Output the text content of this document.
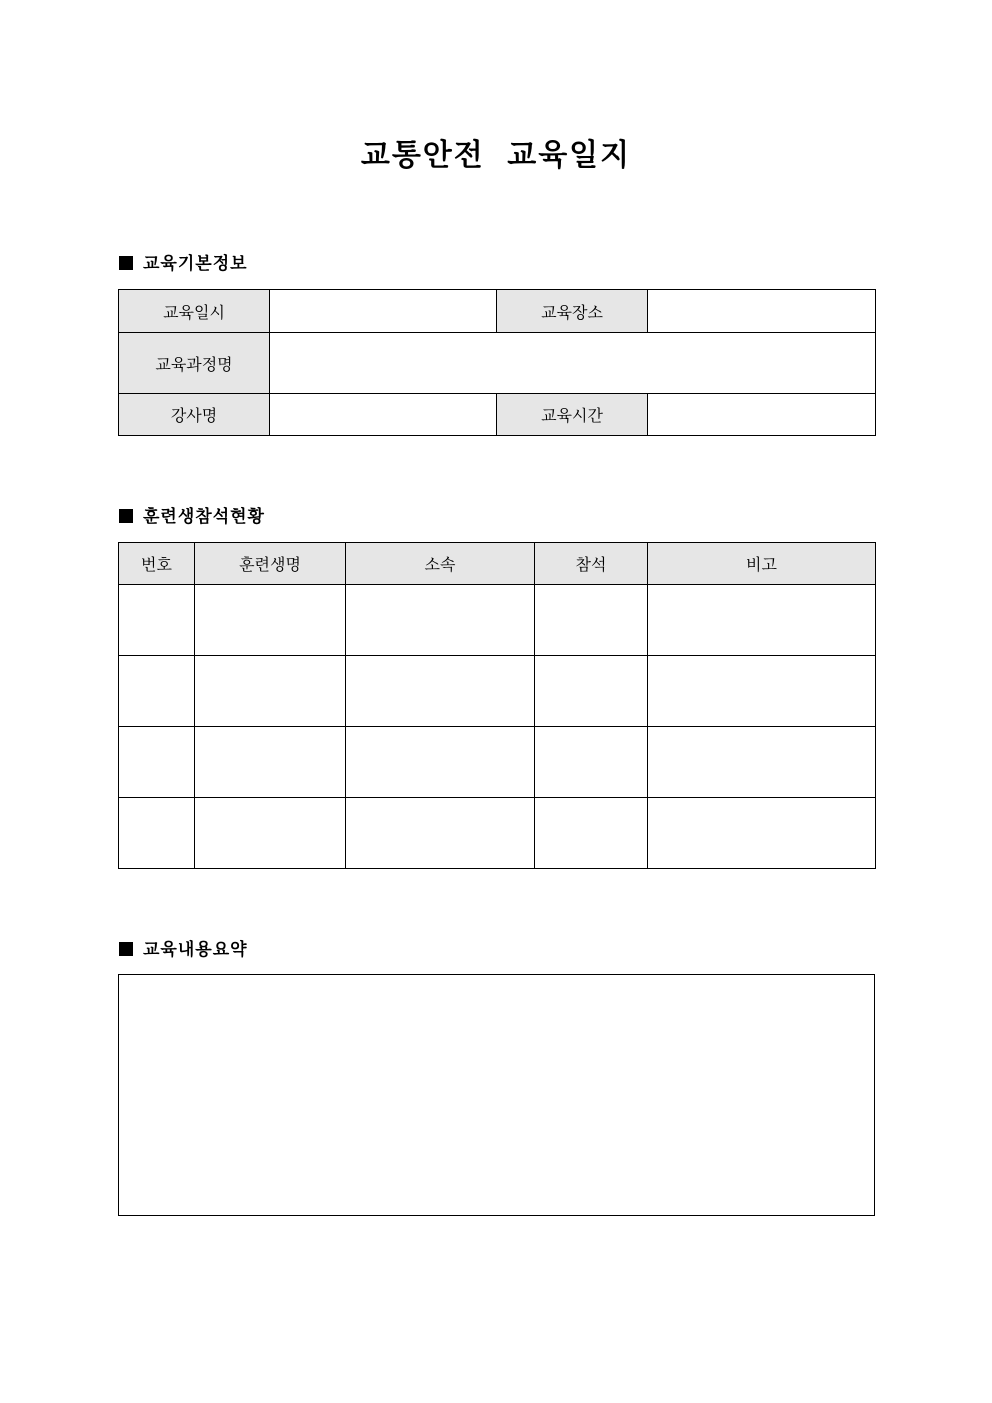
교통안전 교육일지
교육기본정보
교육일시		교육장소	
교육과정명			
강사명		교육시간	
훈련생참석현황
번호	훈련생명	소속	참석	비고

교육내용요약
